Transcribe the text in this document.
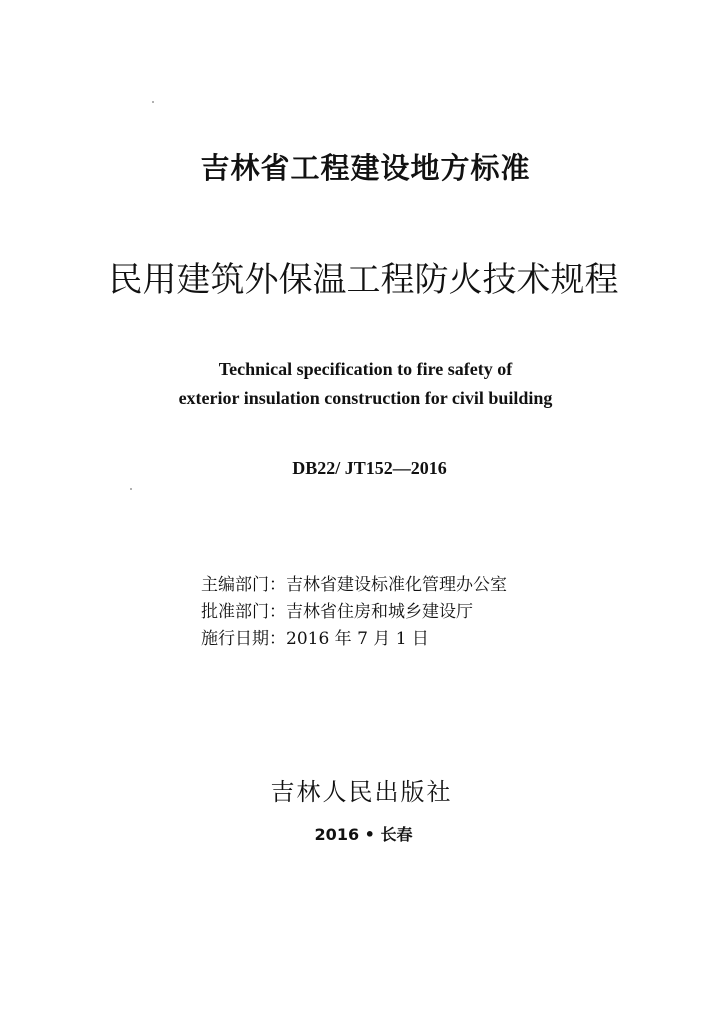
吉林省工程建设地方标准
民用建筑外保温工程防火技术规程
Technical specification to fire safety of
exterior insulation construction for civil building
DB22/ JT152—2016
主编部门：吉林省建设标准化管理办公室
批准部门：吉林省住房和城乡建设厅
施行日期：2016 年 7 月 1 日
吉林人民出版社
2016 • 长春
